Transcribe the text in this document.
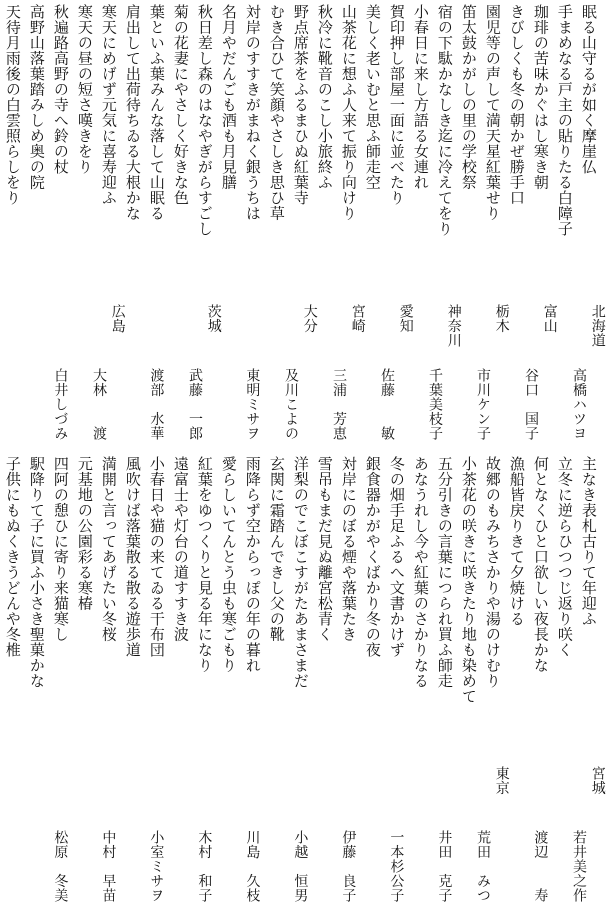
眠る山守るが如く摩崖仏
北海道
高橋ハツヨ
手まめなる戸主の貼りたる白障子
珈琲の苦味かぐはし寒き朝
富山
谷口　国子
きびしくも冬の朝かぜ勝手口
園児等の声して満天星紅葉せり
栃木
市川ケン子
笛太鼓かがしの里の学校祭
宿の下駄かなしき迄に冷えてをり
神奈川
千葉美枝子
小春日に来し方語る女連れ
賀印押し部屋一面に並べたり
愛知
佐藤　　敏
美しく老いむと思ふ師走空
山茶花に想ふ人来て振り向けり
宮崎
三浦　芳恵
秋冷に靴音のこし小旅終ふ
野点席茶をふるまひぬ紅葉寺
大分
及川こよの
むき合ひて笑顔やさしき思ひ草
対岸のすすきがまねく銀うちは
東明ミサヲ
名月やだんごも酒も月見膳
秋日差し森のはなやぎがらすごし
茨城
武藤　一郎
菊の花妻にやさしく好きな色
葉といふ葉みんな落して山眠る
渡部　水華
肩出して出荷待ちゐる大根かな
寒天にめげず元気に喜寿迎ふ
広島
大林　　渡
寒天の昼の短さ嘆きをり
秋遍路高野の寺へ鈴の杖
白井しづみ
高野山落葉踏みしめ奥の院
天待月雨後の白雲照らしをり
主なき表札古りて年迎ふ
宮城
若井美之作
立冬に逆らひつつじ返り咲く
何となくひと口欲しい夜長かな
渡辺　　寿
漁船皆戻りきて夕焼ける
故郷のもみちさかりや湯のけむり
東京
荒田　みつ
小茶花の咲きに咲きたり地も染めて
五分引きの言葉につられ買ふ師走
井田　克子
あなうれし今や紅葉のさかりなる
冬の畑手足ふるへ文書かけず
一本杉公子
銀食器かがやくばかり冬の夜
対岸にのぼる煙や落葉たき
伊藤　良子
雪吊もまだ見ぬ離宮松青く
洋梨のでこぼこすがたあまさまだ
小越　恒男
玄関に霜踏んできし父の靴
雨降らず空からっぽの年の暮れ
川島　久枝
愛らしいてんとう虫も寒ごもり
紅葉をゆつくりと見る年になり
木村　和子
遠富士や灯台の道すすき波
小春日や猫の来てゐる干布団
小室ミサヲ
風吹けば落葉散る散る遊歩道
満開と言ってあげたい冬桜
中村　早苗
元基地の公園彩る寒椿
四阿の憩ひに寄り来猫寒し
松原　冬美
駅降りて子に買ふ小さき聖菓かな
子供にもぬくきうどんや冬椎
